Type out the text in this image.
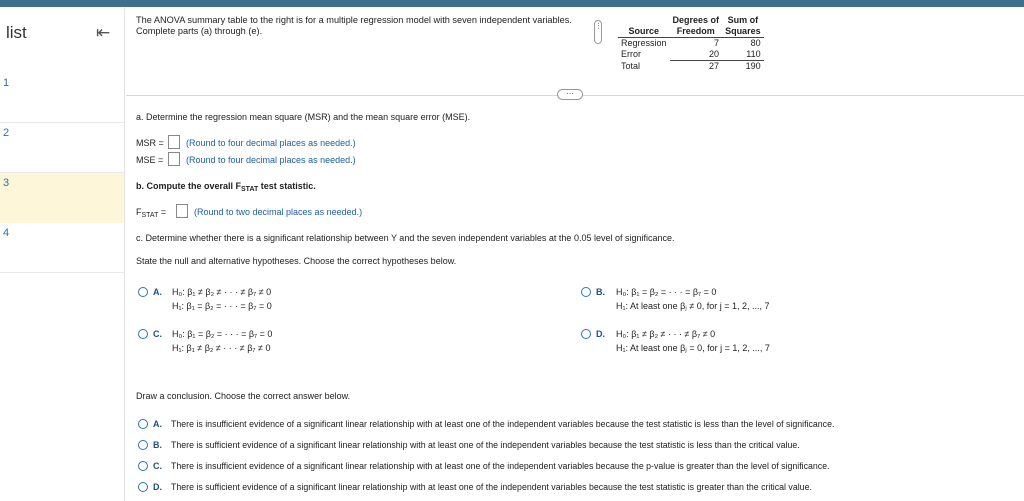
list	⇤
1
2
3
4
The ANOVA summary table to the right is for a multiple regression model with seven independent variables. Complete parts (a) through (e).	⋮
	Degrees of	Sum of
Source	Freedom	Squares
Regression	7	80
Error	20	110
Total	27	190
⋯
a. Determine the regression mean square (MSR) and the mean square error (MSE).
MSR = (Round to four decimal places as needed.)
MSE =	(Round to four decimal places as needed.)
b. Compute the overall $F_{STAT}$ test statistic.
$F_{STAT}$ =	(Round to two decimal places as needed.)
c. Determine whether there is a significant relationship between Y and the seven independent variables at the 0.05 level of significance.
State the null and alternative hypotheses. Choose the correct hypotheses below.
A. H₀: β₁ ≠ β₂ ≠ · · · ≠ β₇ ≠ 0
H₁: β₁ = β₂ = · · · = β₇ = 0
B. H₀: β₁ = β₂ = · · · = β₇ = 0
H₁: At least one βⱼ ≠ 0, for j = 1, 2, ..., 7
C. H₀: β₁ = β₂ = · · · = β₇ = 0
H₁: β₁ ≠ β₂ ≠ · · · ≠ β₇ ≠ 0
D. H₀: β₁ ≠ β₂ ≠ · · · ≠ β₇ ≠ 0
H₁: At least one βⱼ = 0, for j = 1, 2, ..., 7
Draw a conclusion. Choose the correct answer below.
A. There is insufficient evidence of a significant linear relationship with at least one of the independent variables because the test statistic is less than the level of significance.
B. There is sufficient evidence of a significant linear relationship with at least one of the independent variables because the test statistic is less than the critical value.
C. There is insufficient evidence of a significant linear relationship with at least one of the independent variables because the p-value is greater than the level of significance.
D. There is sufficient evidence of a significant linear relationship with at least one of the independent variables because the test statistic is greater than the critical value.
